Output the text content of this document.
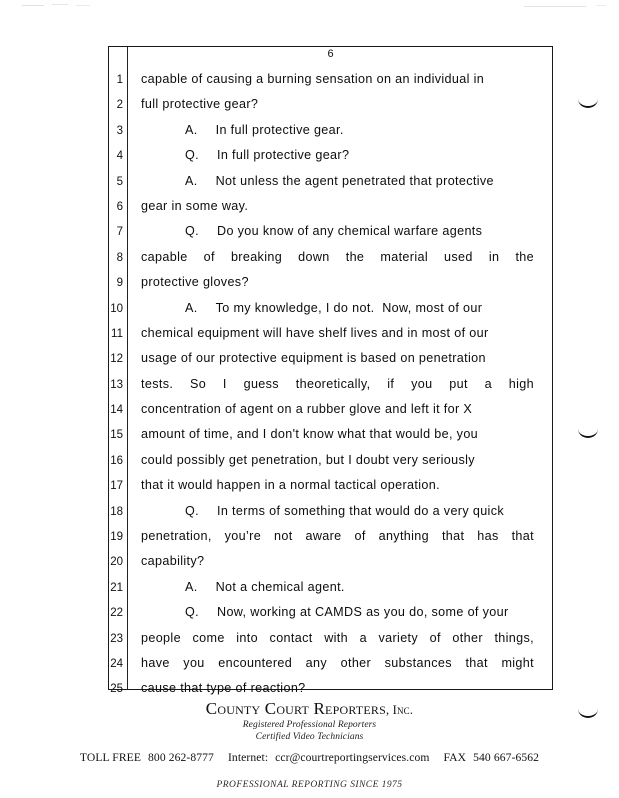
6
1 capable of causing a burning sensation on an individual in
2 full protective gear?
3	A. In full protective gear.
4	Q. In full protective gear?
5	A. Not unless the agent penetrated that protective
6 gear in some way.
7	Q. Do you know of any chemical warfare agents
8 capable of breaking down the material used in the
9 protective gloves?
10	A. To my knowledge, I do not.  Now, most of our
11 chemical equipment will have shelf lives and in most of our
12 usage of our protective equipment is based on penetration
13 tests. So I guess theoretically, if you put a high
14 concentration of agent on a rubber glove and left it for X
15 amount of time, and I don't know what that would be, you
16 could possibly get penetration, but I doubt very seriously
17 that it would happen in a normal tactical operation.
18	Q. In terms of something that would do a very quick
19 penetration, you’re not aware of anything that has that
20 capability?
21	A. Not a chemical agent.
22	Q. Now, working at CAMDS as you do, some of your
23 people come into contact with a variety of other things,
24 have you encountered any other substances that might
25 cause that type of reaction?
County Court Reporters, Inc.
Registered Professional Reporters
Certified Video Technicians
TOLL FREE 800 262-8777 Internet: ccr@courtreportingservices.com FAX 540 667-6562
PROFESSIONAL REPORTING SINCE 1975
